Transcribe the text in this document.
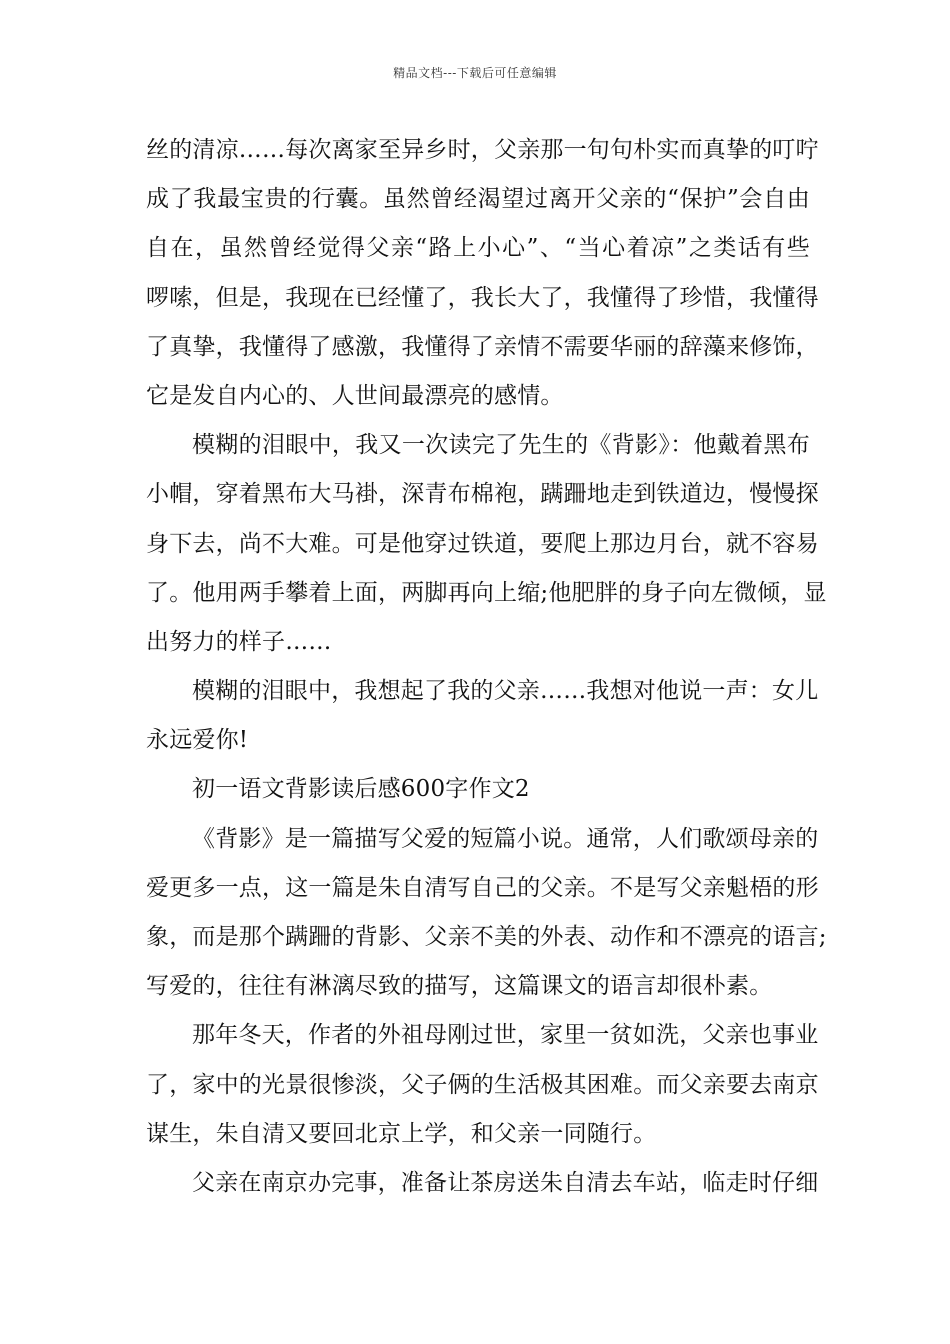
精品文档---下载后可任意编辑
丝的清凉……每次离家至异乡时，父亲那一句句朴实而真挚的叮咛
成了我最宝贵的行囊。虽然曾经渴望过离开父亲的“保护”会自由
自在，虽然曾经觉得父亲“路上小心”、“当心着凉”之类话有些
啰嗦，但是，我现在已经懂了，我长大了，我懂得了珍惜，我懂得
了真挚，我懂得了感激，我懂得了亲情不需要华丽的辞藻来修饰，
它是发自内心的、人世间最漂亮的感情。
模糊的泪眼中，我又一次读完了先生的《背影》：他戴着黑布
小帽，穿着黑布大马褂，深青布棉袍，蹒跚地走到铁道边，慢慢探
身下去，尚不大难。可是他穿过铁道，要爬上那边月台，就不容易
了。他用两手攀着上面，两脚再向上缩;他肥胖的身子向左微倾，显
出努力的样子……
模糊的泪眼中，我想起了我的父亲……我想对他说一声：女儿
永远爱你!
初一语文背影读后感600字作文2
《背影》是一篇描写父爱的短篇小说。通常，人们歌颂母亲的
爱更多一点，这一篇是朱自清写自己的父亲。不是写父亲魁梧的形
象，而是那个蹒跚的背影、父亲不美的外表、动作和不漂亮的语言;
写爱的，往往有淋漓尽致的描写，这篇课文的语言却很朴素。
那年冬天，作者的外祖母刚过世，家里一贫如洗，父亲也事业
了，家中的光景很惨淡，父子俩的生活极其困难。而父亲要去南京
谋生，朱自清又要回北京上学，和父亲一同随行。
父亲在南京办完事，准备让茶房送朱自清去车站，临走时仔细
